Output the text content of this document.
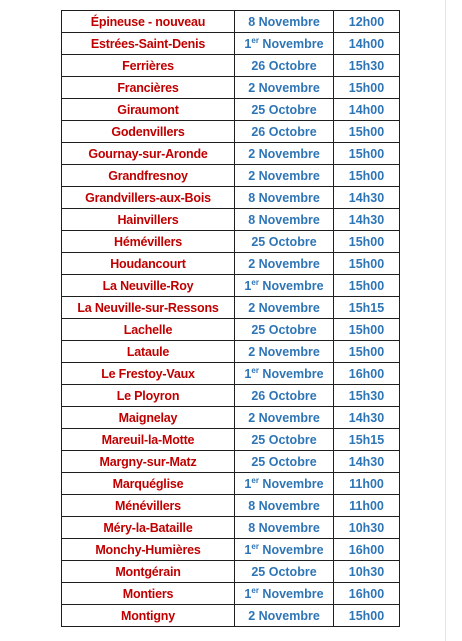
Épineuse - nouveau	8 Novembre	12h00
Estrées-Saint-Denis	1er Novembre	14h00
Ferrières	26 Octobre	15h30
Francières	2 Novembre	15h00
Giraumont	25 Octobre	14h00
Godenvillers	26 Octobre	15h00
Gournay-sur-Aronde	2 Novembre	15h00
Grandfresnoy	2 Novembre	15h00
Grandvillers-aux-Bois	8 Novembre	14h30
Hainvillers	8 Novembre	14h30
Hémévillers	25 Octobre	15h00
Houdancourt	2 Novembre	15h00
La Neuville-Roy	1er Novembre	15h00
La Neuville-sur-Ressons	2 Novembre	15h15
Lachelle	25 Octobre	15h00
Lataule	2 Novembre	15h00
Le Frestoy-Vaux	1er Novembre	16h00
Le Ployron	26 Octobre	15h30
Maignelay	2 Novembre	14h30
Mareuil-la-Motte	25 Octobre	15h15
Margny-sur-Matz	25 Octobre	14h30
Marquéglise	1er Novembre	11h00
Ménévillers	8 Novembre	11h00
Méry-la-Bataille	8 Novembre	10h30
Monchy-Humières	1er Novembre	16h00
Montgérain	25 Octobre	10h30
Montiers	1er Novembre	16h00
Montigny	2 Novembre	15h00
